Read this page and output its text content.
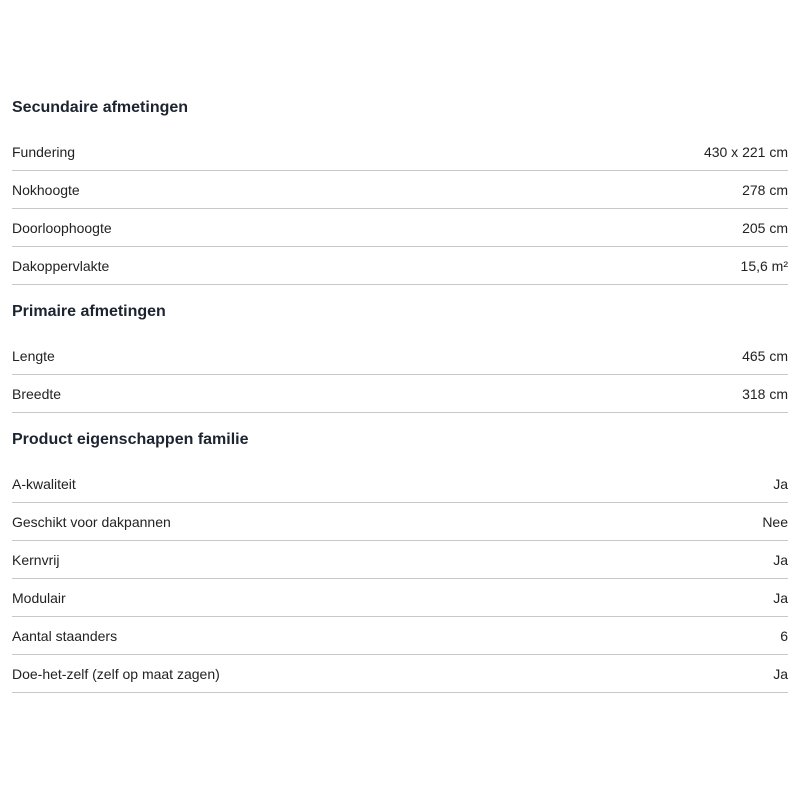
Secundaire afmetingen
Fundering	430 x 221 cm
Nokhoogte	278 cm
Doorloophoogte	205 cm
Dakoppervlakte	15,6 m²
Primaire afmetingen
Lengte	465 cm
Breedte	318 cm
Product eigenschappen familie
A-kwaliteit	Ja
Geschikt voor dakpannen	Nee
Kernvrij	Ja
Modulair	Ja
Aantal staanders	6
Doe-het-zelf (zelf op maat zagen)	Ja
